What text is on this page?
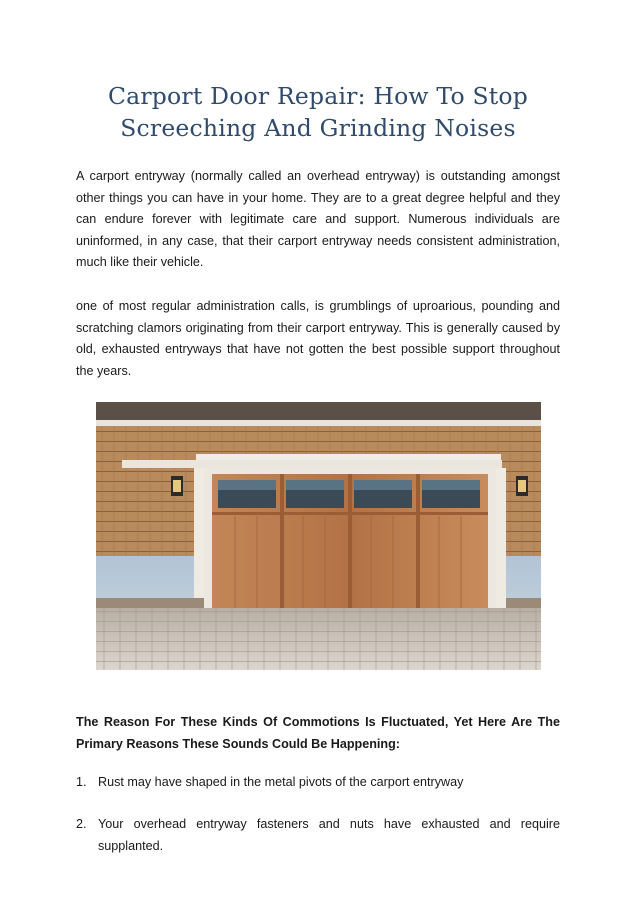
Carport Door Repair: How To Stop Screeching And Grinding Noises

A carport entryway (normally called an overhead entryway) is outstanding amongst other things you can have in your home. They are to a great degree helpful and they can endure forever with legitimate care and support. Numerous individuals are uninformed, in any case, that their carport entryway needs consistent administration, much like their vehicle.

one of most regular administration calls, is grumblings of uproarious, pounding and scratching clamors originating from their carport entryway. This is generally caused by old, exhausted entryways that have not gotten the best possible support throughout the years.

The Reason For These Kinds Of Commotions Is Fluctuated, Yet Here Are The Primary Reasons These Sounds Could Be Happening:

1. Rust may have shaped in the metal pivots of the carport entryway
2. Your overhead entryway fasteners and nuts have exhausted and require supplanted.
